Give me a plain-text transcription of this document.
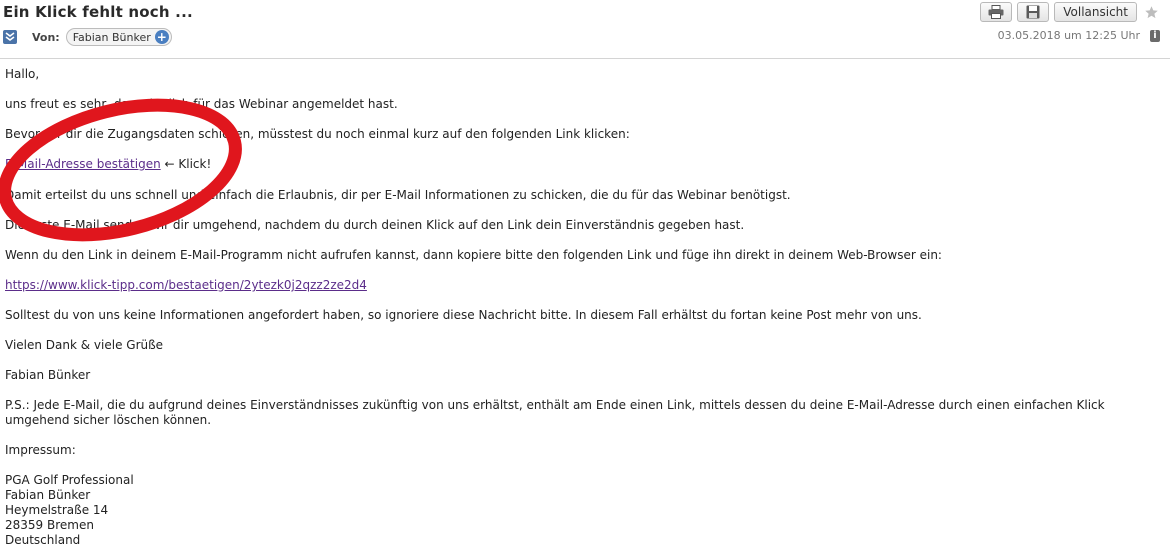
Ein Klick fehlt noch ...	Vollansicht
Von: Fabian Bünker +	03.05.2018 um 12:25 Uhr	i

Hallo,

uns freut es sehr, dass du dich für das Webinar angemeldet hast.

Bevor wir dir die Zugangsdaten schicken, müsstest du noch einmal kurz auf den folgenden Link klicken:

E-Mail-Adresse bestätigen ← Klick!

Damit erteilst du uns schnell und einfach die Erlaubnis, dir per E-Mail Informationen zu schicken, die du für das Webinar benötigst.

Die erste E-Mail senden wir dir umgehend, nachdem du durch deinen Klick auf den Link dein Einverständnis gegeben hast.

Wenn du den Link in deinem E-Mail-Programm nicht aufrufen kannst, dann kopiere bitte den folgenden Link und füge ihn direkt in deinem Web-Browser ein:

https://www.klick-tipp.com/bestaetigen/2ytezk0j2qzz2ze2d4

Solltest du von uns keine Informationen angefordert haben, so ignoriere diese Nachricht bitte. In diesem Fall erhältst du fortan keine Post mehr von uns.

Vielen Dank & viele Grüße

Fabian Bünker

P.S.: Jede E-Mail, die du aufgrund deines Einverständnisses zukünftig von uns erhältst, enthält am Ende einen Link, mittels dessen du deine E-Mail-Adresse durch einen einfachen Klick umgehend sicher löschen können.

Impressum:

PGA Golf Professional

Fabian Bünker

Heymelstraße 14

28359 Bremen

Deutschland
